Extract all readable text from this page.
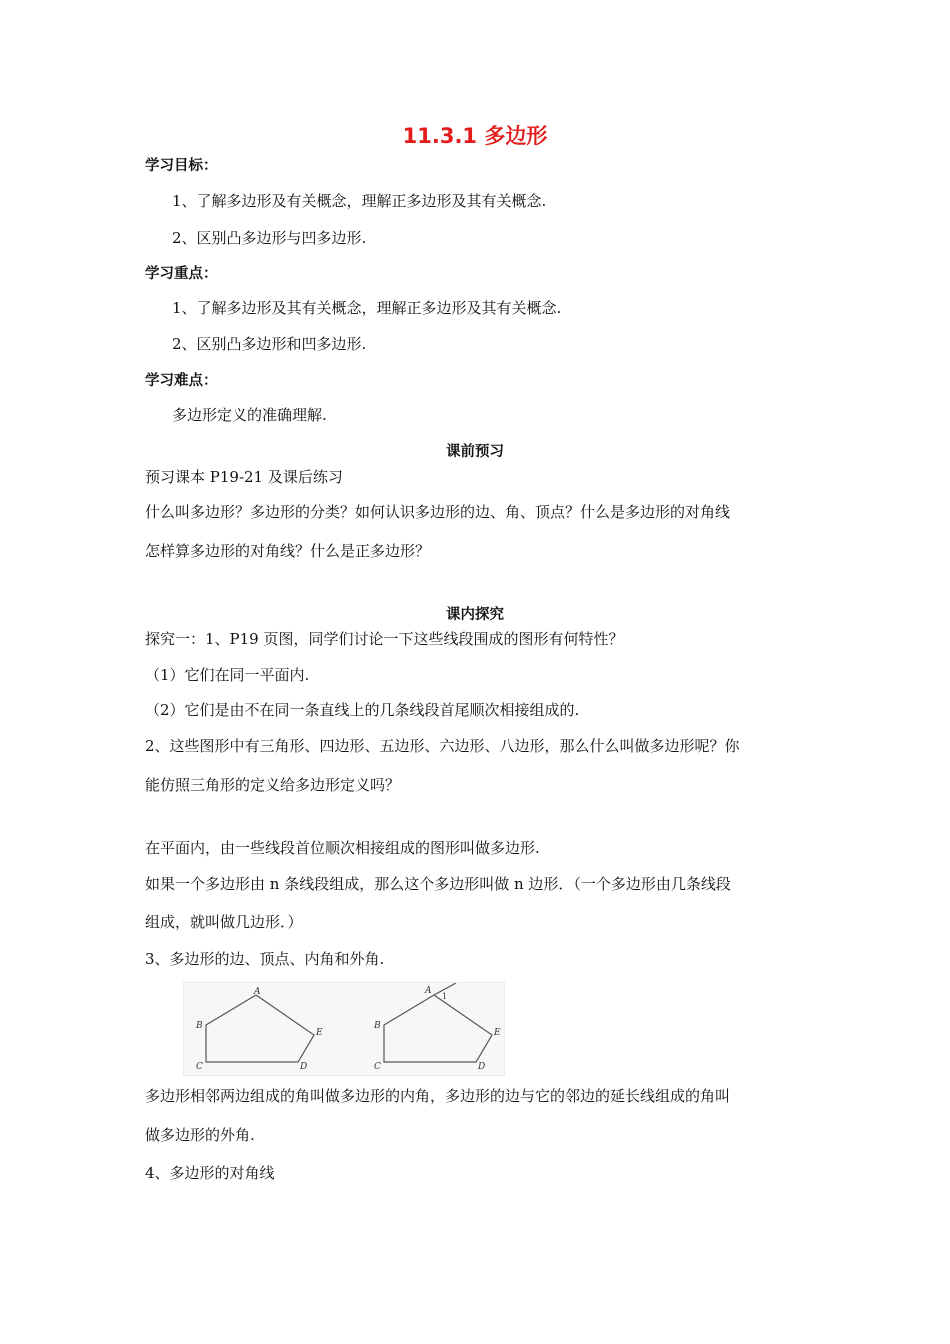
11.3.1 多边形
学习目标：
1、了解多边形及有关概念，理解正多边形及其有关概念.
2、区别凸多边形与凹多边形.
学习重点：
1、了解多边形及其有关概念，理解正多边形及其有关概念.
2、区别凸多边形和凹多边形.
学习难点：
多边形定义的准确理解.
课前预习
预习课本 P19-21 及课后练习
什么叫多边形？多边形的分类？如何认识多边形的边、角、顶点？什么是多边形的对角线
怎样算多边形的对角线？什么是正多边形？
课内探究
探究一：1、P19 页图，同学们讨论一下这些线段围成的图形有何特性？
（1）它们在同一平面内.
（2）它们是由不在同一条直线上的几条线段首尾顺次相接组成的.
2、这些图形中有三角形、四边形、五边形、六边形、八边形，那么什么叫做多边形呢？你
能仿照三角形的定义给多边形定义吗？
在平面内，由一些线段首位顺次相接组成的图形叫做多边形.
如果一个多边形由 n 条线段组成，那么这个多边形叫做 n 边形．（一个多边形由几条线段
组成，就叫做几边形．）
3、多边形的边、顶点、内角和外角.
A
B
C	D
E
A
B
C	D
E
1
多边形相邻两边组成的角叫做多边形的内角，多边形的边与它的邻边的延长线组成的角叫
做多边形的外角.
4、多边形的对角线
